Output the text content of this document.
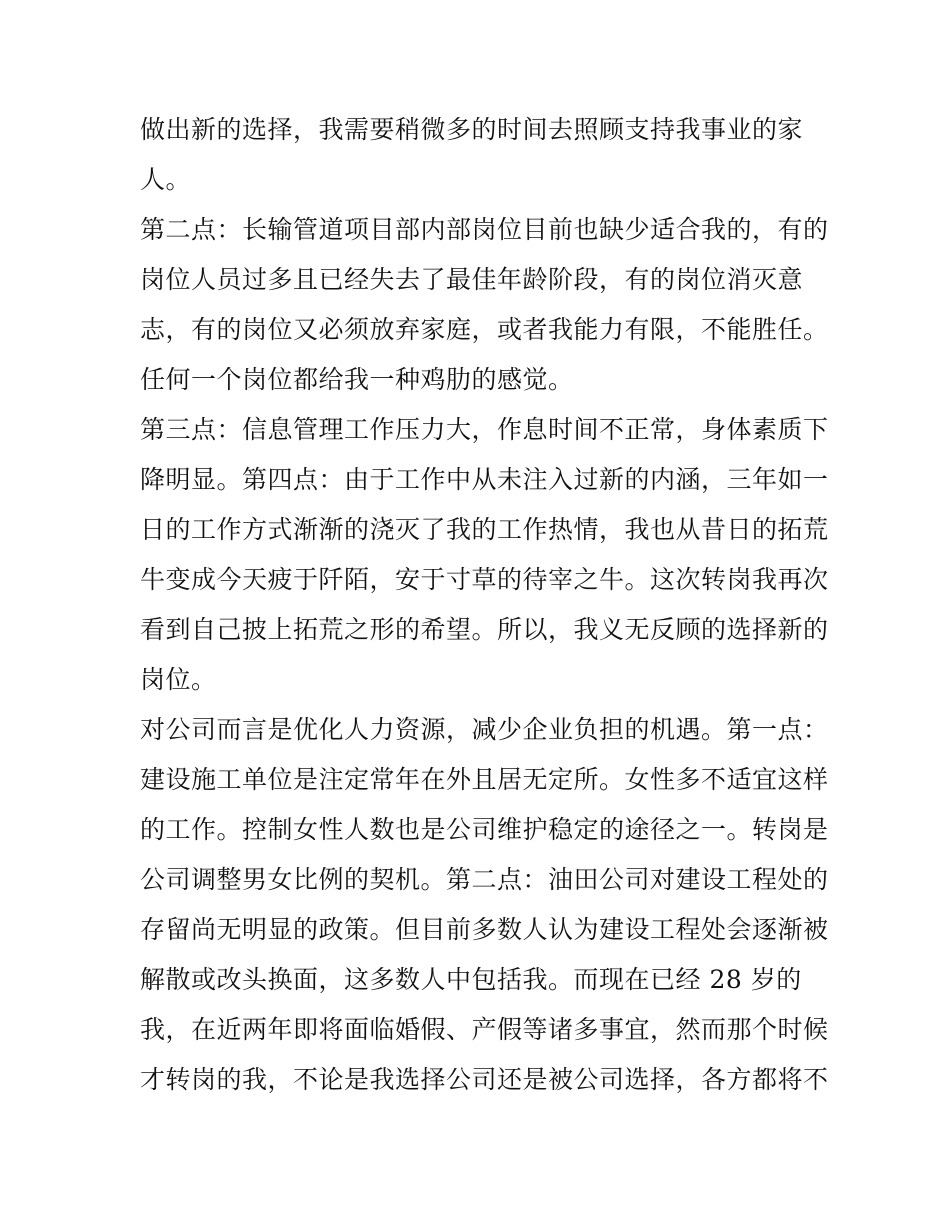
做出新的选择，我需要稍微多的时间去照顾支持我事业的家
人。
第二点：长输管道项目部内部岗位目前也缺少适合我的，有的
岗位人员过多且已经失去了最佳年龄阶段，有的岗位消灭意
志，有的岗位又必须放弃家庭，或者我能力有限，不能胜任。
任何一个岗位都给我一种鸡肋的感觉。
第三点：信息管理工作压力大，作息时间不正常，身体素质下
降明显。第四点：由于工作中从未注入过新的内涵，三年如一
日的工作方式渐渐的浇灭了我的工作热情，我也从昔日的拓荒
牛变成今天疲于阡陌，安于寸草的待宰之牛。这次转岗我再次
看到自己披上拓荒之形的希望。所以，我义无反顾的选择新的
岗位。
对公司而言是优化人力资源，减少企业负担的机遇。第一点：
建设施工单位是注定常年在外且居无定所。女性多不适宜这样
的工作。控制女性人数也是公司维护稳定的途径之一。转岗是
公司调整男女比例的契机。第二点：油田公司对建设工程处的
存留尚无明显的政策。但目前多数人认为建设工程处会逐渐被
解散或改头换面，这多数人中包括我。而现在已经 28 岁的
我，在近两年即将面临婚假、产假等诸多事宜，然而那个时候
才转岗的我，不论是我选择公司还是被公司选择，各方都将不
